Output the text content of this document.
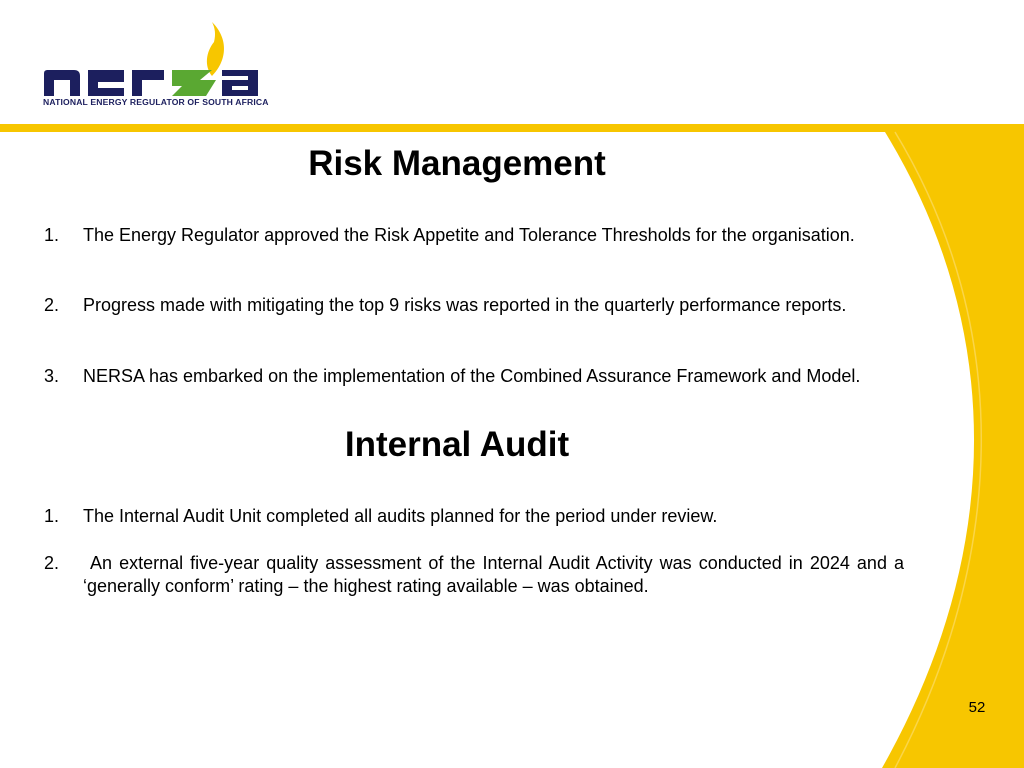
NATIONAL ENERGY REGULATOR OF SOUTH AFRICA
Risk Management
1. The Energy Regulator approved the Risk Appetite and Tolerance Thresholds for the organisation.
2. Progress made with mitigating the top 9 risks was reported in the quarterly performance reports.
3. NERSA has embarked on the implementation of the Combined Assurance Framework and Model.
Internal Audit
1. The Internal Audit Unit completed all audits planned for the period under review.
2. An external five-year quality assessment of the Internal Audit Activity was conducted in 2024 and a ‘generally conform’ rating – the highest rating available – was obtained.
52
